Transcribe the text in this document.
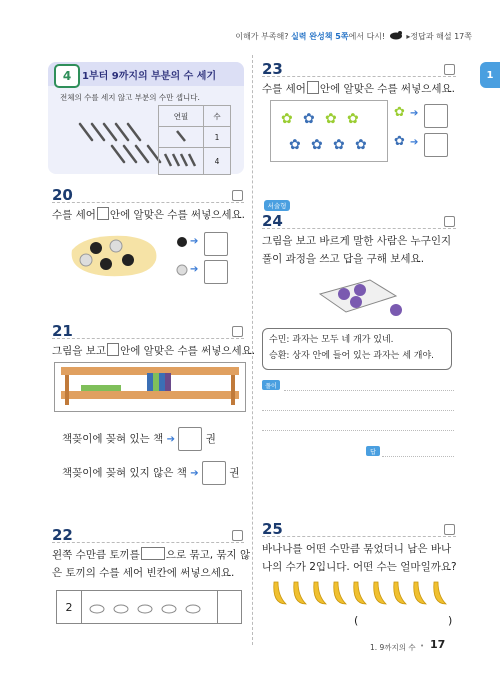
이해가 부족해? 실력 완성책 5쪽에서 다시!	▸정답과 해설 17쪽
1
4	1부터 9까지의 부분의 수 세기
전체의 수를 세지 않고 부분의 수만 셉니다.
연필	수
	1
	4
20
수를 세어 안에 알맞은 수를 써넣으세요.
➔
➔
21
그림을 보고 안에 알맞은 수를 써넣으세요.
책꽂이에 꽂혀 있는 책 ➔	권
책꽂이에 꽂혀 있지 않은 책 ➔	권
22
왼쪽 수만큼 토끼를 으로 묶고, 묶지 않
은 토끼의 수를 세어 빈칸에 써넣으세요.
2
23
수를 세어 안에 알맞은 수를 써넣으세요.
✿ ✿ ✿ ✿
✿ ✿ ✿ ✿
✿ ➔
✿ ➔
서술형
24
그림을 보고 바르게 말한 사람은 누구인지
풀이 과정을 쓰고 답을 구해 보세요.
수민: 과자는 모두 네 개가 있네.
승환: 상자 안에 들어 있는 과자는 세 개야.
풀이
답
25
바나나를 어떤 수만큼 묶었더니 남은 바나
나의 수가 2입니다. 어떤 수는 얼마일까요?
(	)
1. 9까지의 수 • 17
